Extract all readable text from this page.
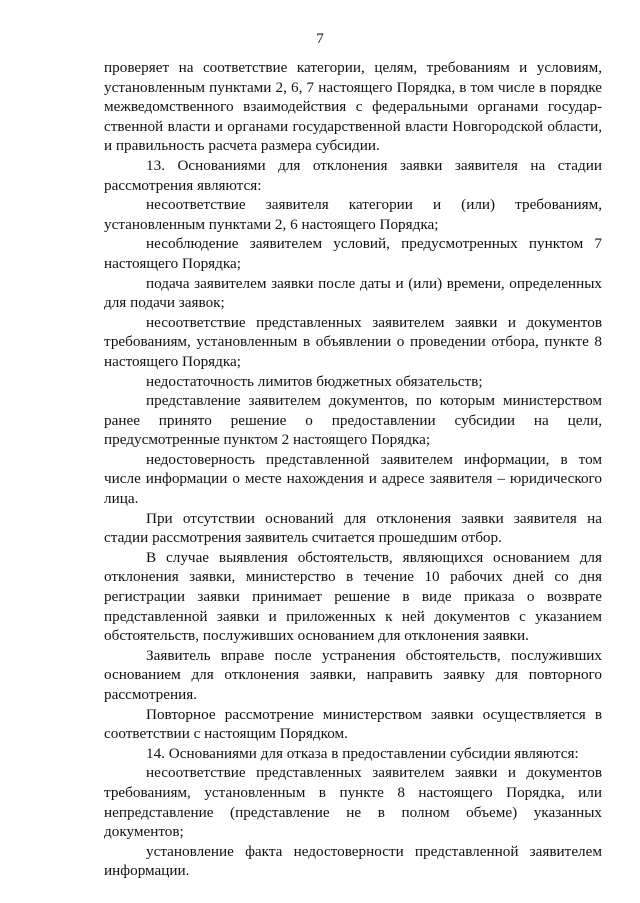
7

проверяет на соответствие категории, целям, требованиям и условиям, установленным пунктами 2, 6, 7 настоящего Порядка, в том числе в порядке межведомственного взаимодействия с федеральными органами государ-ственной власти и органами государственной власти Новгородской области, и правильность расчета размера субсидии.

13. Основаниями для отклонения заявки заявителя на стадии рассмотрения являются:

несоответствие заявителя категории и (или) требованиям, установленным пунктами 2, 6 настоящего Порядка;

несоблюдение заявителем условий, предусмотренных пунктом 7 настоящего Порядка;

подача заявителем заявки после даты и (или) времени, определенных для подачи заявок;

несоответствие представленных заявителем заявки и документов требованиям, установленным в объявлении о проведении отбора, пункте 8 настоящего Порядка;

недостаточность лимитов бюджетных обязательств;

представление заявителем документов, по которым министерством ранее принято решение о предоставлении субсидии на цели, предусмотренные пунктом 2 настоящего Порядка;

недостоверность представленной заявителем информации, в том числе информации о месте нахождения и адресе заявителя – юридического лица.

При отсутствии оснований для отклонения заявки заявителя на стадии рассмотрения заявитель считается прошедшим отбор.

В случае выявления обстоятельств, являющихся основанием для отклонения заявки, министерство в течение 10 рабочих дней со дня регистрации заявки принимает решение в виде приказа о возврате представленной заявки и приложенных к ней документов с указанием обстоятельств, послуживших основанием для отклонения заявки.

Заявитель вправе после устранения обстоятельств, послуживших основанием для отклонения заявки, направить заявку для повторного рассмотрения.

Повторное рассмотрение министерством заявки осуществляется в соответствии с настоящим Порядком.

14. Основаниями для отказа в предоставлении субсидии являются:

несоответствие представленных заявителем заявки и документов требованиям, установленным в пункте 8 настоящего Порядка, или непредставление (представление не в полном объеме) указанных документов;

установление факта недостоверности представленной заявителем информации.
